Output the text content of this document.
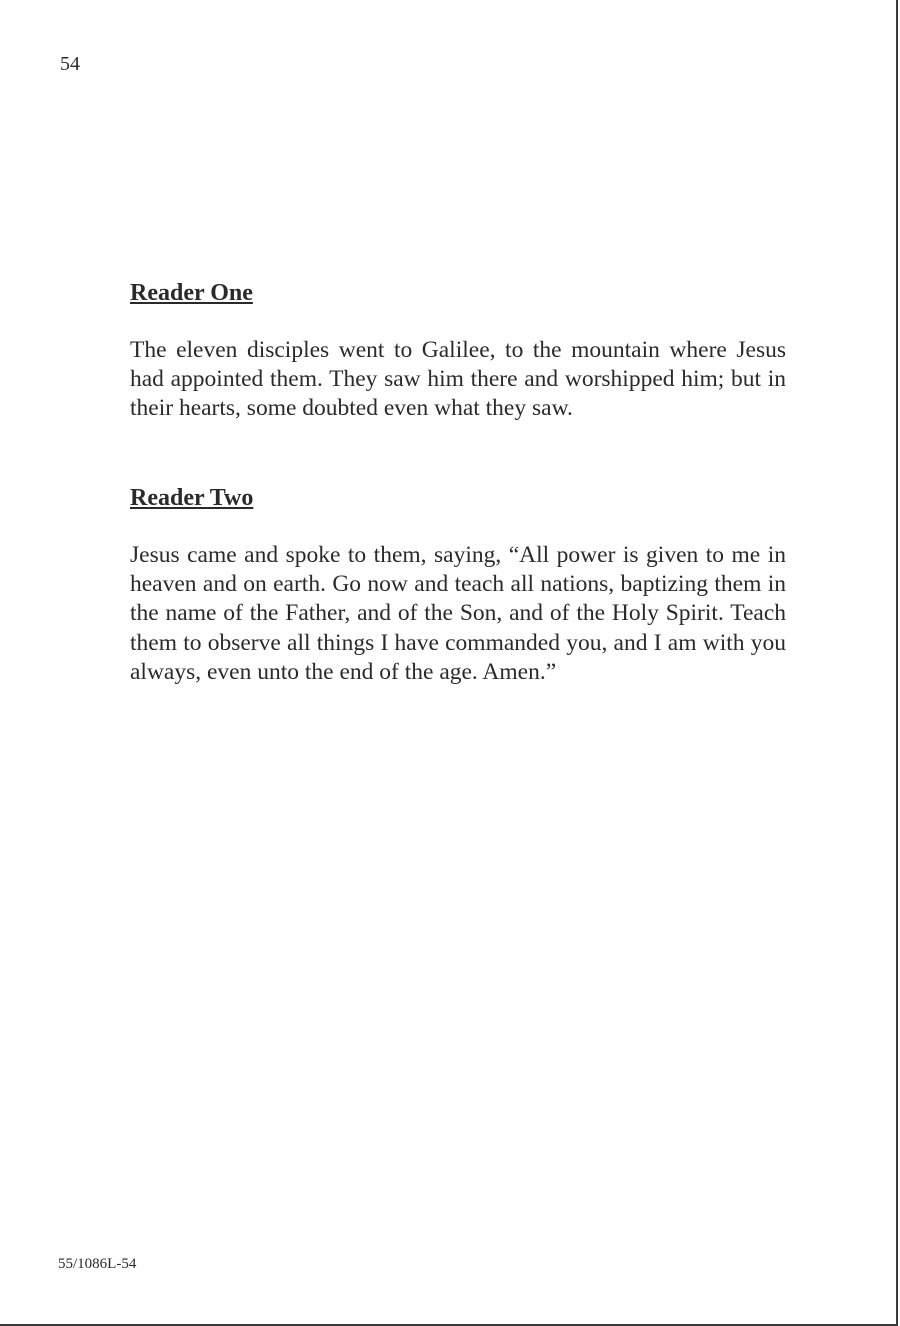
54
Reader One

The eleven disciples went to Galilee, to the mountain where Jesus had appointed them. They saw him there and worshipped him; but in their hearts, some doubted even what they saw.

Reader Two

Jesus came and spoke to them, saying, “All power is given to me in heaven and on earth. Go now and teach all nations, baptizing them in the name of the Father, and of the Son, and of the Holy Spirit. Teach them to observe all things I have commanded you, and I am with you always, even unto the end of the age. Amen.”

55/1086L-54
